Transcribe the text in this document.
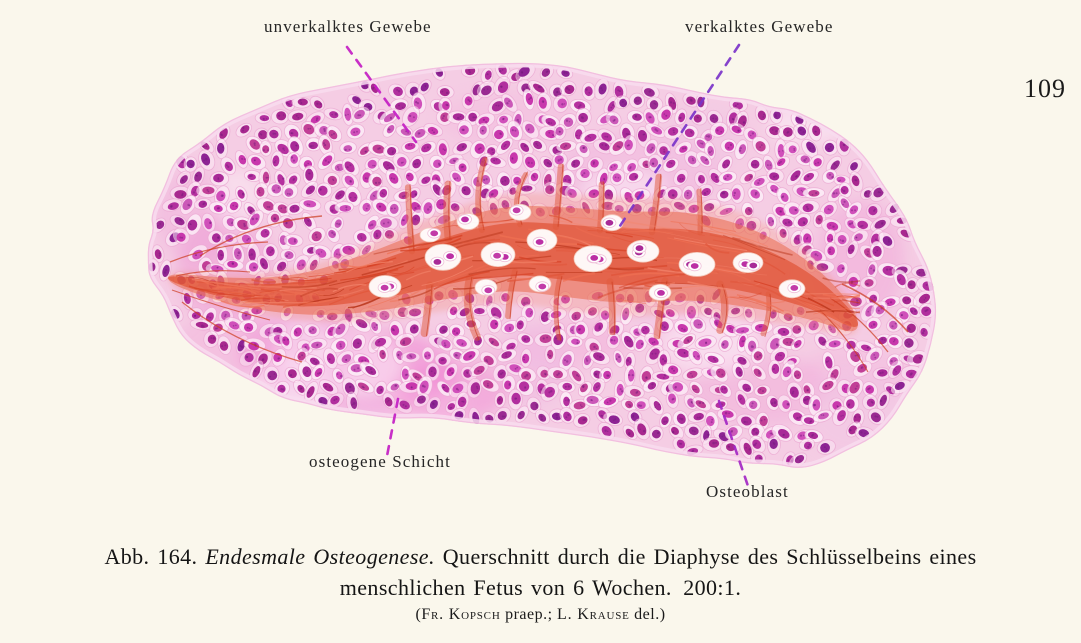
unverkalktes Gewebe	verkalktes Gewebe
osteogene Schicht
Osteoblast
109
Abb. 164. Endesmale Osteogenese. Querschnitt durch die Diaphyse des Schlüsselbeins eines
menschlichen Fetus von 6 Wochen. 200:1.
(Fr. Kopsch praep.; L. Krause del.)
